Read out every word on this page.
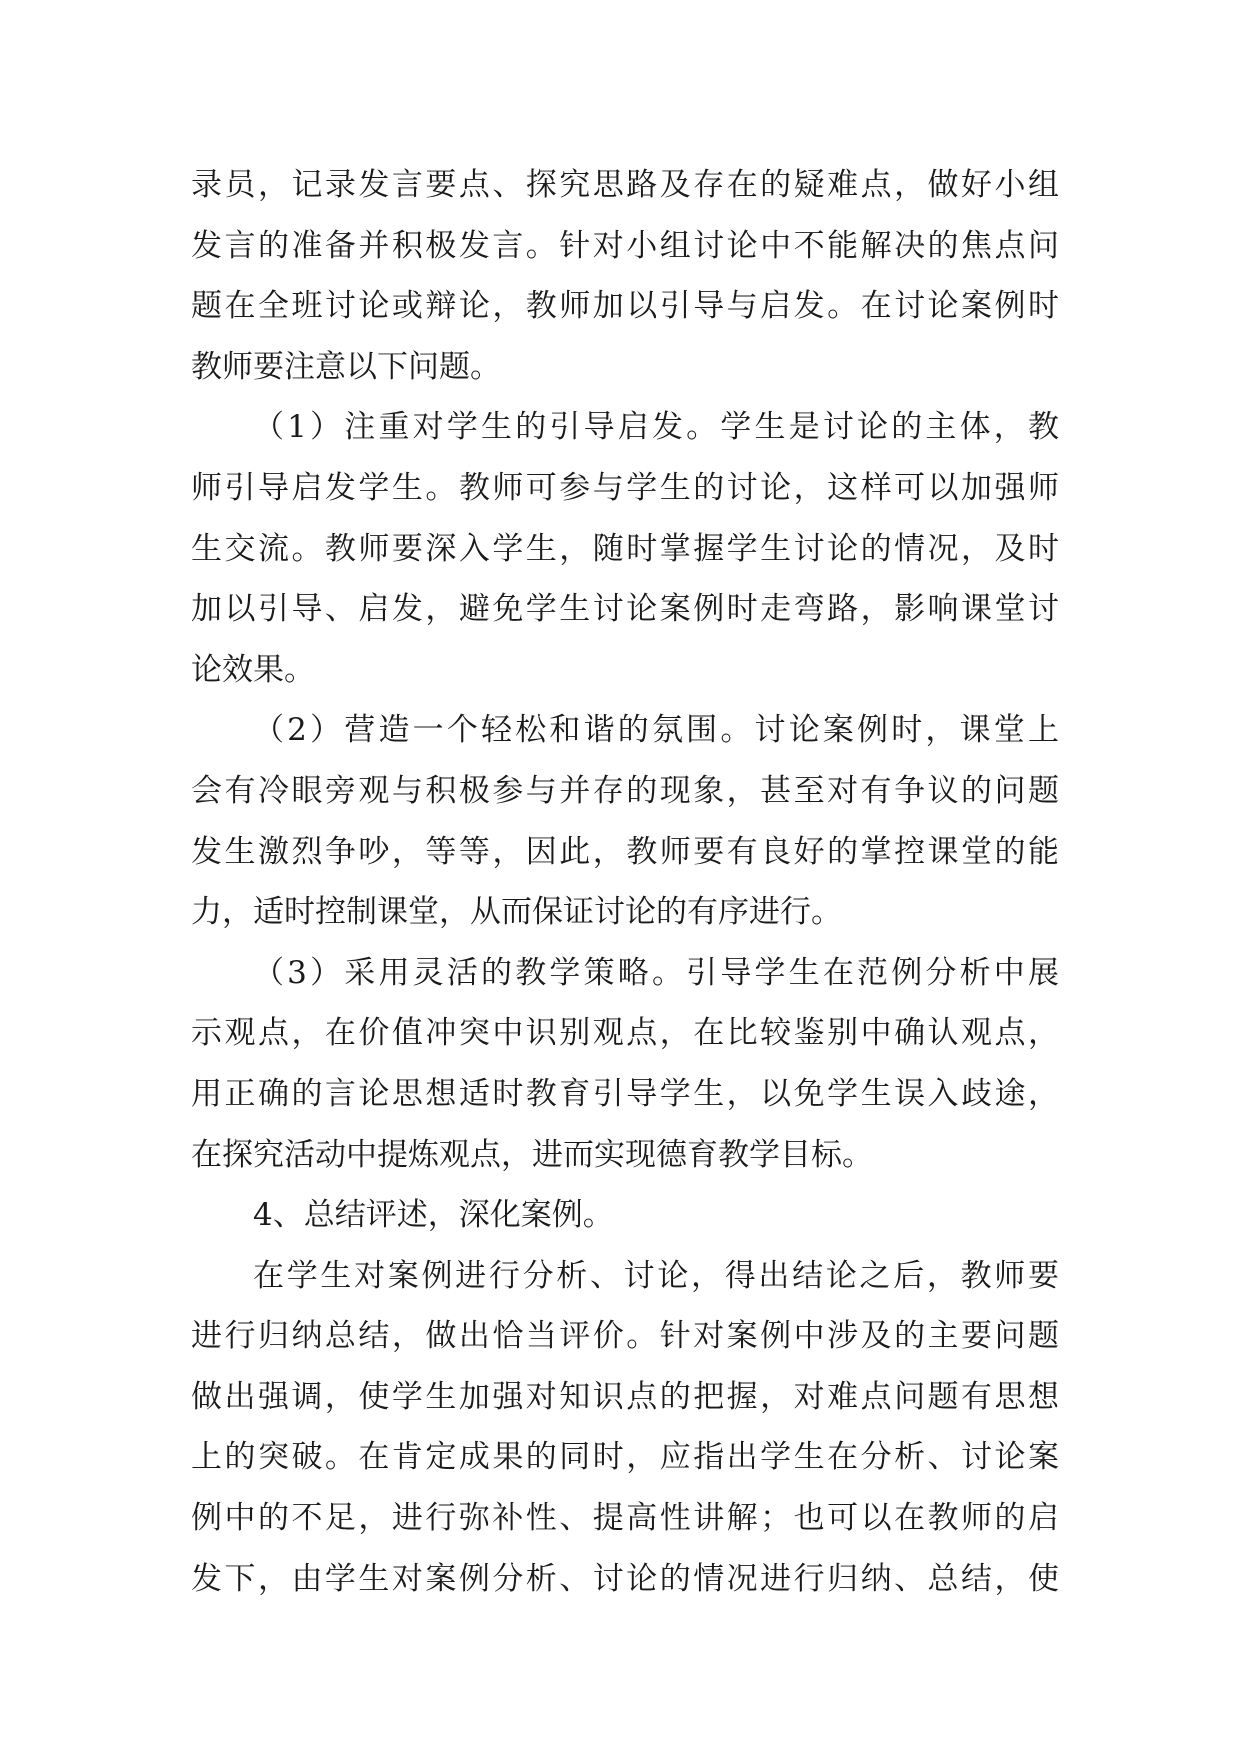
录员，记录发言要点、探究思路及存在的疑难点，做好小组
发言的准备并积极发言。针对小组讨论中不能解决的焦点问
题在全班讨论或辩论，教师加以引导与启发。在讨论案例时
教师要注意以下问题。
（1）注重对学生的引导启发。学生是讨论的主体，教
师引导启发学生。教师可参与学生的讨论，这样可以加强师
生交流。教师要深入学生，随时掌握学生讨论的情况，及时
加以引导、启发，避免学生讨论案例时走弯路，影响课堂讨
论效果。
（2）营造一个轻松和谐的氛围。讨论案例时，课堂上
会有冷眼旁观与积极参与并存的现象，甚至对有争议的问题
发生激烈争吵，等等，因此，教师要有良好的掌控课堂的能
力，适时控制课堂，从而保证讨论的有序进行。
（3）采用灵活的教学策略。引导学生在范例分析中展
示观点，在价值冲突中识别观点，在比较鉴别中确认观点，
用正确的言论思想适时教育引导学生，以免学生误入歧途，
在探究活动中提炼观点，进而实现德育教学目标。
4、总结评述，深化案例。
在学生对案例进行分析、讨论，得出结论之后，教师要
进行归纳总结，做出恰当评价。针对案例中涉及的主要问题
做出强调，使学生加强对知识点的把握，对难点问题有思想
上的突破。在肯定成果的同时，应指出学生在分析、讨论案
例中的不足，进行弥补性、提高性讲解；也可以在教师的启
发下，由学生对案例分析、讨论的情况进行归纳、总结，使
